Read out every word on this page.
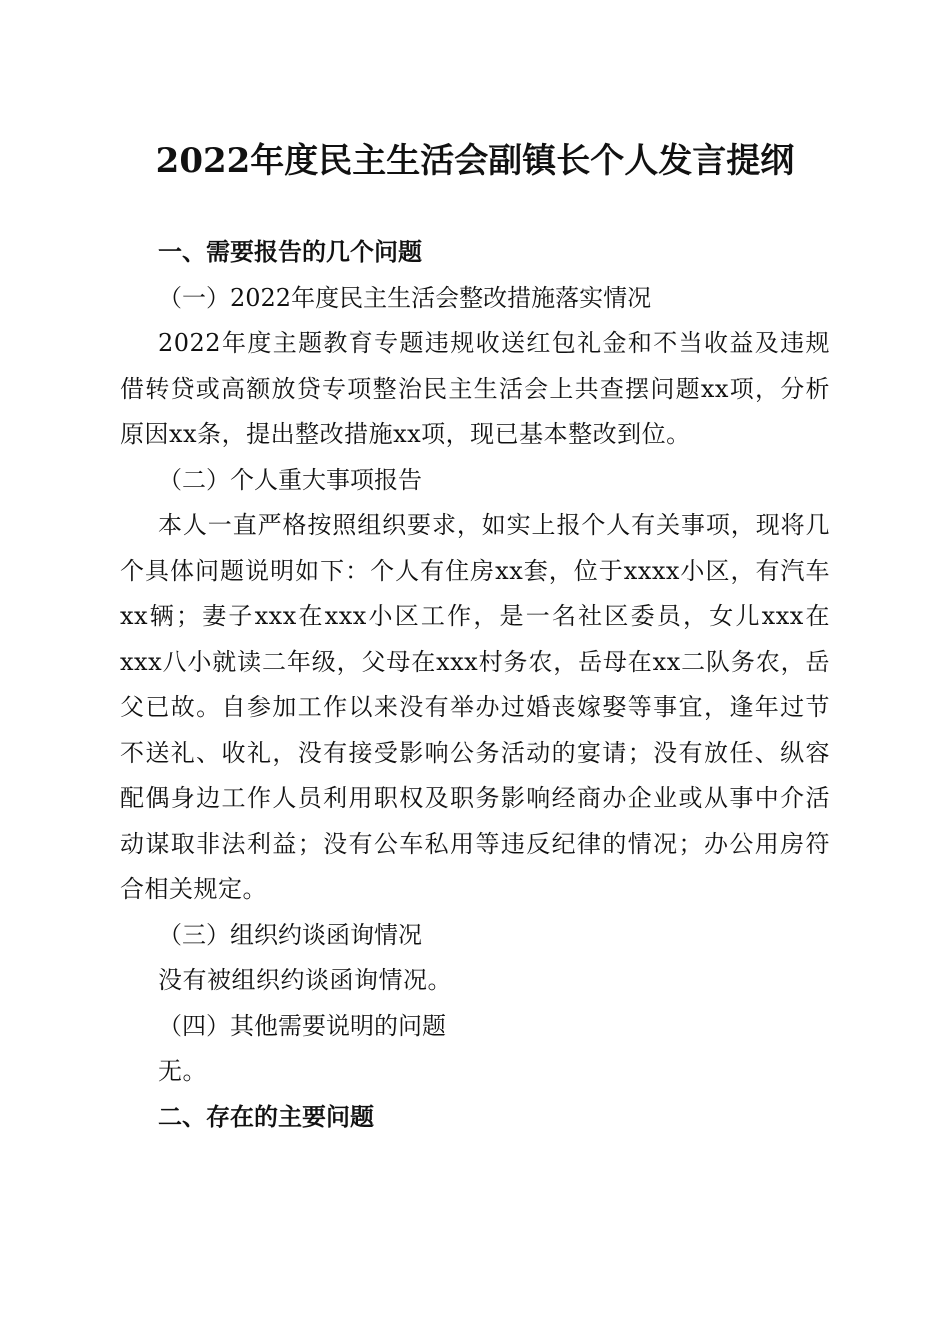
2022年度民主生活会副镇长个人发言提纲

一、需要报告的几个问题

（一）2022年度民主生活会整改措施落实情况

2022年度主题教育专题违规收送红包礼金和不当收益及违规借转贷或高额放贷专项整治民主生活会上共查摆问题xx项，分析原因xx条，提出整改措施xx项，现已基本整改到位。

（二）个人重大事项报告

本人一直严格按照组织要求，如实上报个人有关事项，现将几个具体问题说明如下：个人有住房xx套，位于xxxx小区，有汽车xx辆；妻子xxx在xxx小区工作，是一名社区委员，女儿xxx在xxx八小就读二年级，父母在xxx村务农，岳母在xx二队务农，岳父已故。自参加工作以来没有举办过婚丧嫁娶等事宜，逢年过节不送礼、收礼，没有接受影响公务活动的宴请；没有放任、纵容配偶身边工作人员利用职权及职务影响经商办企业或从事中介活动谋取非法利益；没有公车私用等违反纪律的情况；办公用房符合相关规定。

（三）组织约谈函询情况

没有被组织约谈函询情况。

（四）其他需要说明的问题

无。

二、存在的主要问题
